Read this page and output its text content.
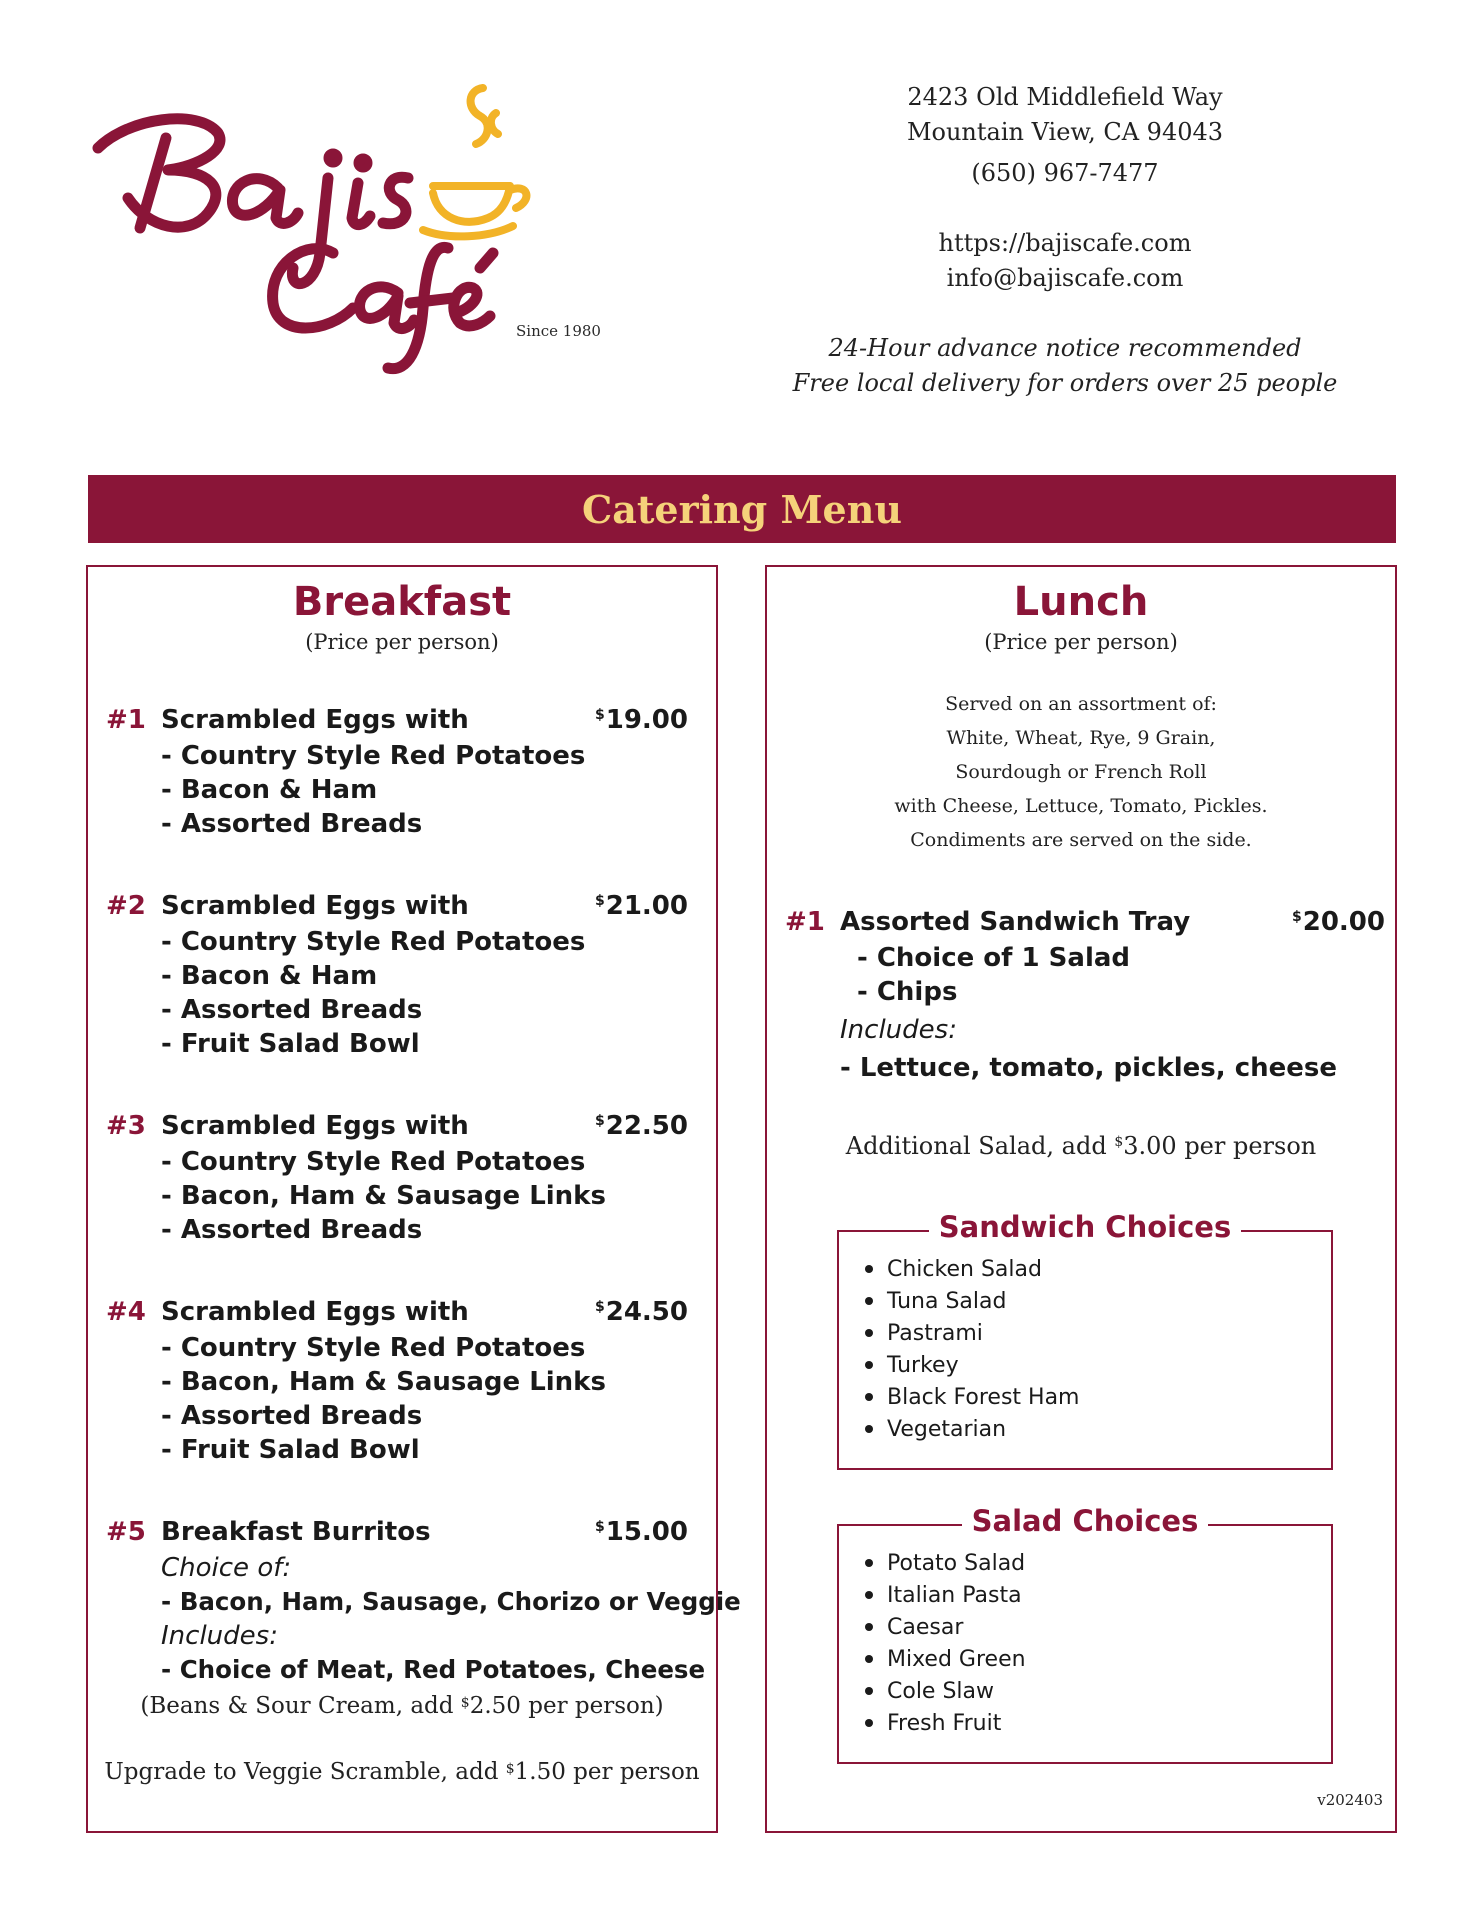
Since 1980
2423 Old Middlefield Way
Mountain View, CA 94043
(650) 967-7477
https://bajiscafe.com
info@bajiscafe.com
24-Hour advance notice recommended
Free local delivery for orders over 25 people
Catering Menu
Breakfast
(Price per person)
#1 Scrambled Eggs with	$19.00
- Country Style Red Potatoes
- Bacon & Ham
- Assorted Breads
#2 Scrambled Eggs with	$21.00
- Country Style Red Potatoes
- Bacon & Ham
- Assorted Breads
- Fruit Salad Bowl
#3 Scrambled Eggs with	$22.50
- Country Style Red Potatoes
- Bacon, Ham & Sausage Links
- Assorted Breads
#4 Scrambled Eggs with	$24.50
- Country Style Red Potatoes
- Bacon, Ham & Sausage Links
- Assorted Breads
- Fruit Salad Bowl
#5 Breakfast Burritos	$15.00
Choice of:
- Bacon, Ham, Sausage, Chorizo or Veggie
Includes:
- Choice of Meat, Red Potatoes, Cheese
(Beans & Sour Cream, add $2.50 per person)
Upgrade to Veggie Scramble, add $1.50 per person
Lunch
(Price per person)
Served on an assortment of:
White, Wheat, Rye, 9 Grain,
Sourdough or French Roll
with Cheese, Lettuce, Tomato, Pickles.
Condiments are served on the side.
#1 Assorted Sandwich Tray	$20.00
- Choice of 1 Salad
- Chips
Includes:
- Lettuce, tomato, pickles, cheese
Additional Salad, add $3.00 per person
Sandwich Choices
Chicken Salad
Tuna Salad
Pastrami
Turkey
Black Forest Ham
Vegetarian
Salad Choices
Potato Salad
Italian Pasta
Caesar
Mixed Green
Cole Slaw
Fresh Fruit
v202403
